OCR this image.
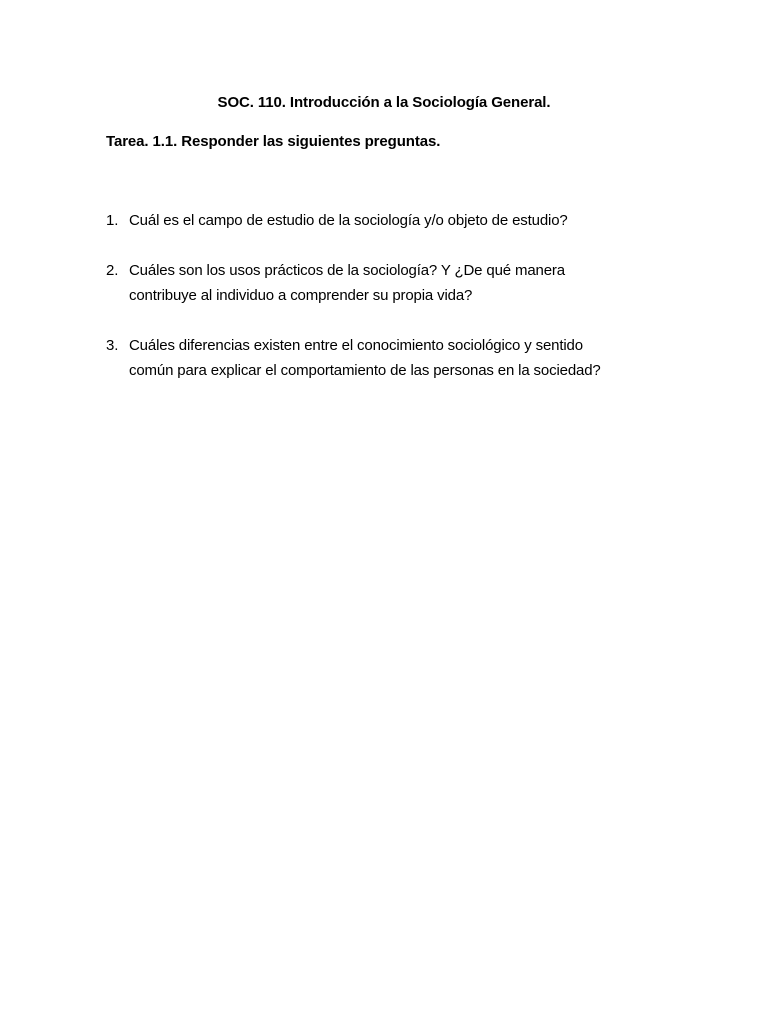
SOC. 110. Introducción a la Sociología General.
Tarea. 1.1. Responder las siguientes preguntas.
1. Cuál es el campo de estudio de la sociología y/o objeto de estudio?
2. Cuáles son los usos prácticos de la sociología? Y ¿De qué manera
contribuye al individuo a comprender su propia vida?
3. Cuáles diferencias existen entre el conocimiento sociológico y sentido
común para explicar el comportamiento de las personas en la sociedad?
